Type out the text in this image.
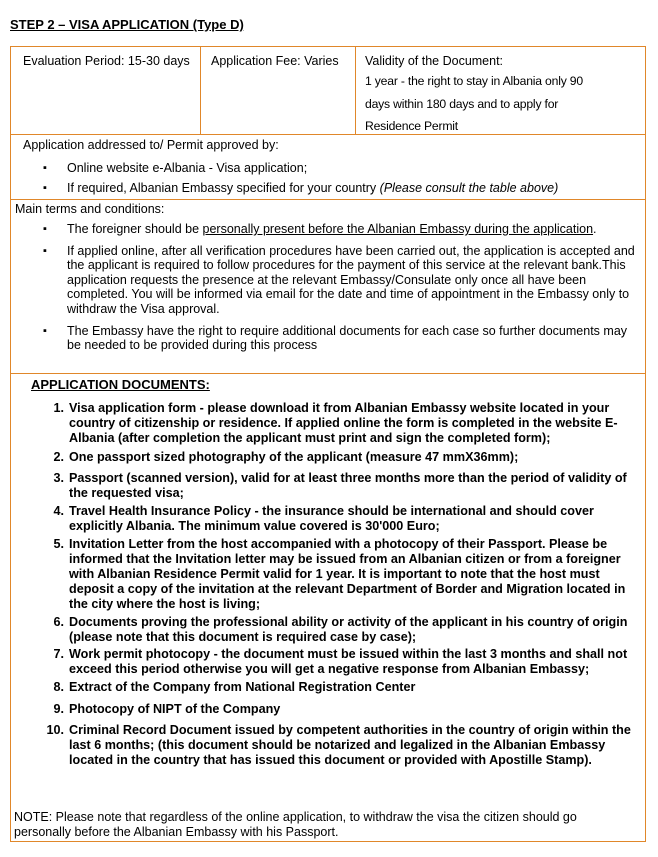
STEP 2 – VISA APPLICATION (Type D)
Evaluation Period: 15-30 days Application Fee: Varies	Validity of the Document:
1 year - the right to stay in Albania only 90
days within 180 days and to apply for
Residence Permit
Application addressed to/ Permit approved by:
▪ Online website e-Albania - Visa application;
▪ If required, Albanian Embassy specified for your country (Please consult the table above)
Main terms and conditions:
▪ The foreigner should be personally present before the Albanian Embassy during the application.
▪ If applied online, after all verification procedures have been carried out, the application is accepted and the applicant is required to follow procedures for the payment of this service at the relevant bank.This application requests the presence at the relevant Embassy/Consulate only once all have been completed. You will be informed via email for the date and time of appointment in the Embassy only to withdraw the Visa approval.
▪ The Embassy have the right to require additional documents for each case so further documents may be needed to be provided during this process
APPLICATION DOCUMENTS:
1. Visa application form - please download it from Albanian Embassy website located in your country of citizenship or residence. If applied online the form is completed in the website E-Albania (after completion the applicant must print and sign the completed form);
2. One passport sized photography of the applicant (measure 47 mmX36mm);
3. Passport (scanned version), valid for at least three months more than the period of validity of the requested visa;
4. Travel Health Insurance Policy - the insurance should be international and should cover explicitly Albania. The minimum value covered is 30'000 Euro;
5. Invitation Letter from the host accompanied with a photocopy of their Passport. Please be informed that the Invitation letter may be issued from an Albanian citizen or from a foreigner with Albanian Residence Permit valid for 1 year. It is important to note that the host must deposit a copy of the invitation at the relevant Department of Border and Migration located in the city where the host is living;
6. Documents proving the professional ability or activity of the applicant in his country of origin (please note that this document is required case by case);
7. Work permit photocopy - the document must be issued within the last 3 months and shall not exceed this period otherwise you will get a negative response from Albanian Embassy;
8. Extract of the Company from National Registration Center
9. Photocopy of NIPT of the Company
10. Criminal Record Document issued by competent authorities in the country of origin within the last 6 months; (this document should be notarized and legalized in the Albanian Embassy located in the country that has issued this document or provided with Apostille Stamp).
NOTE: Please note that regardless of the online application, to withdraw the visa the citizen should go personally before the Albanian Embassy with his Passport.
